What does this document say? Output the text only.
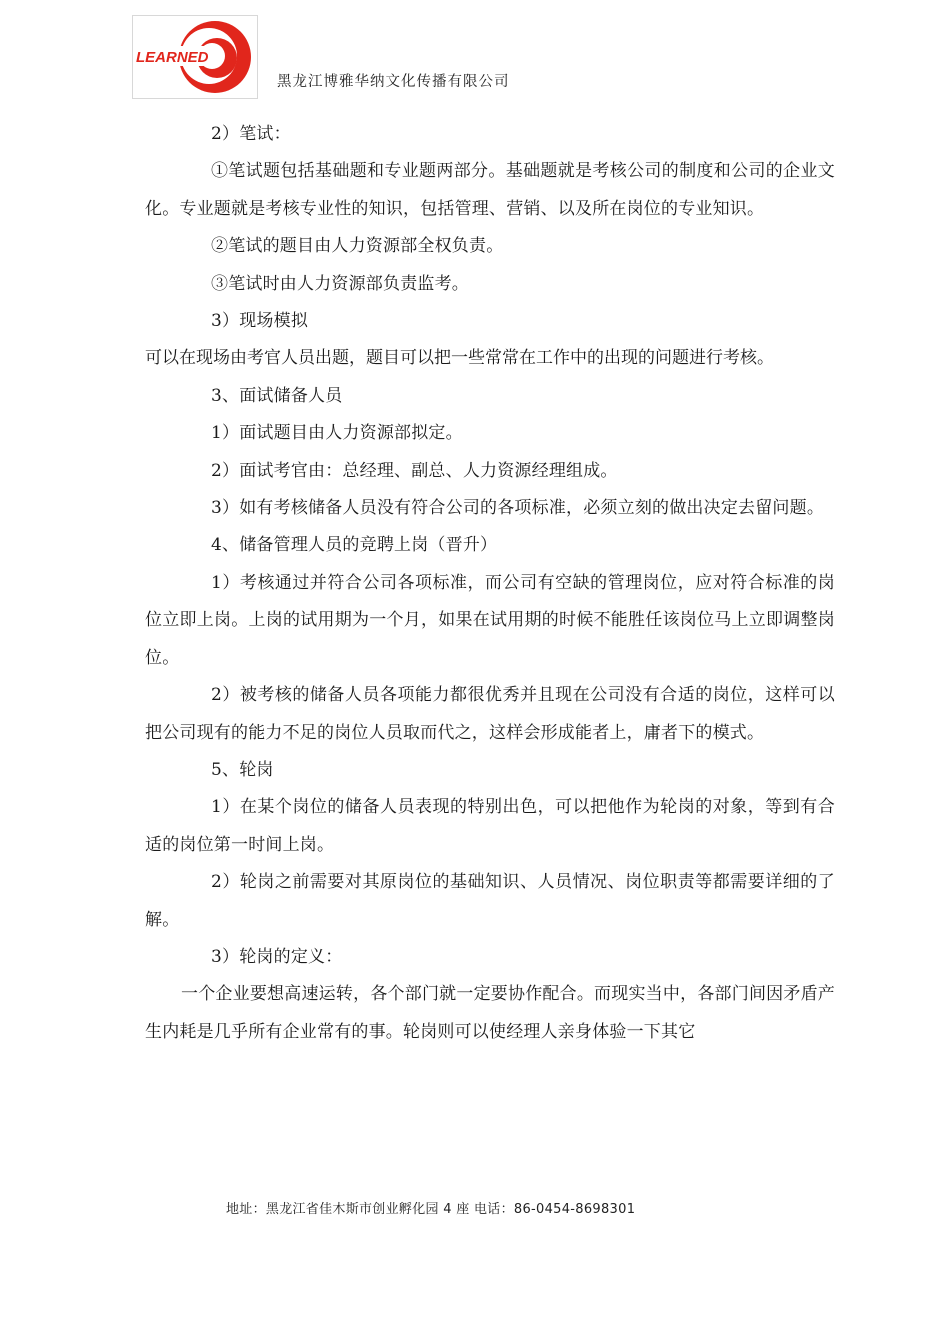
LEARNED
黑龙江博雅华纳文化传播有限公司

2）笔试：

①笔试题包括基础题和专业题两部分。基础题就是考核公司的制度和公司的企业文化。专业题就是考核专业性的知识，包括管理、营销、以及所在岗位的专业知识。

②笔试的题目由人力资源部全权负责。

③笔试时由人力资源部负责监考。

3）现场模拟

可以在现场由考官人员出题，题目可以把一些常常在工作中的出现的问题进行考核。

3、面试储备人员

1）面试题目由人力资源部拟定。

2）面试考官由：总经理、副总、人力资源经理组成。

3）如有考核储备人员没有符合公司的各项标准，必须立刻的做出决定去留问题。

4、储备管理人员的竞聘上岗（晋升）

1）考核通过并符合公司各项标准，而公司有空缺的管理岗位，应对符合标准的岗位立即上岗。上岗的试用期为一个月，如果在试用期的时候不能胜任该岗位马上立即调整岗位。

2）被考核的储备人员各项能力都很优秀并且现在公司没有合适的岗位，这样可以把公司现有的能力不足的岗位人员取而代之，这样会形成能者上，庸者下的模式。

5、轮岗

1）在某个岗位的储备人员表现的特别出色，可以把他作为轮岗的对象，等到有合适的岗位第一时间上岗。

2）轮岗之前需要对其原岗位的基础知识、人员情况、岗位职责等都需要详细的了解。

3）轮岗的定义：

一个企业要想高速运转，各个部门就一定要协作配合。而现实当中，各部门间因矛盾产生内耗是几乎所有企业常有的事。轮岗则可以使经理人亲身体验一下其它

地址：黑龙江省佳木斯市创业孵化园 4 座 电话：86-0454-8698301
